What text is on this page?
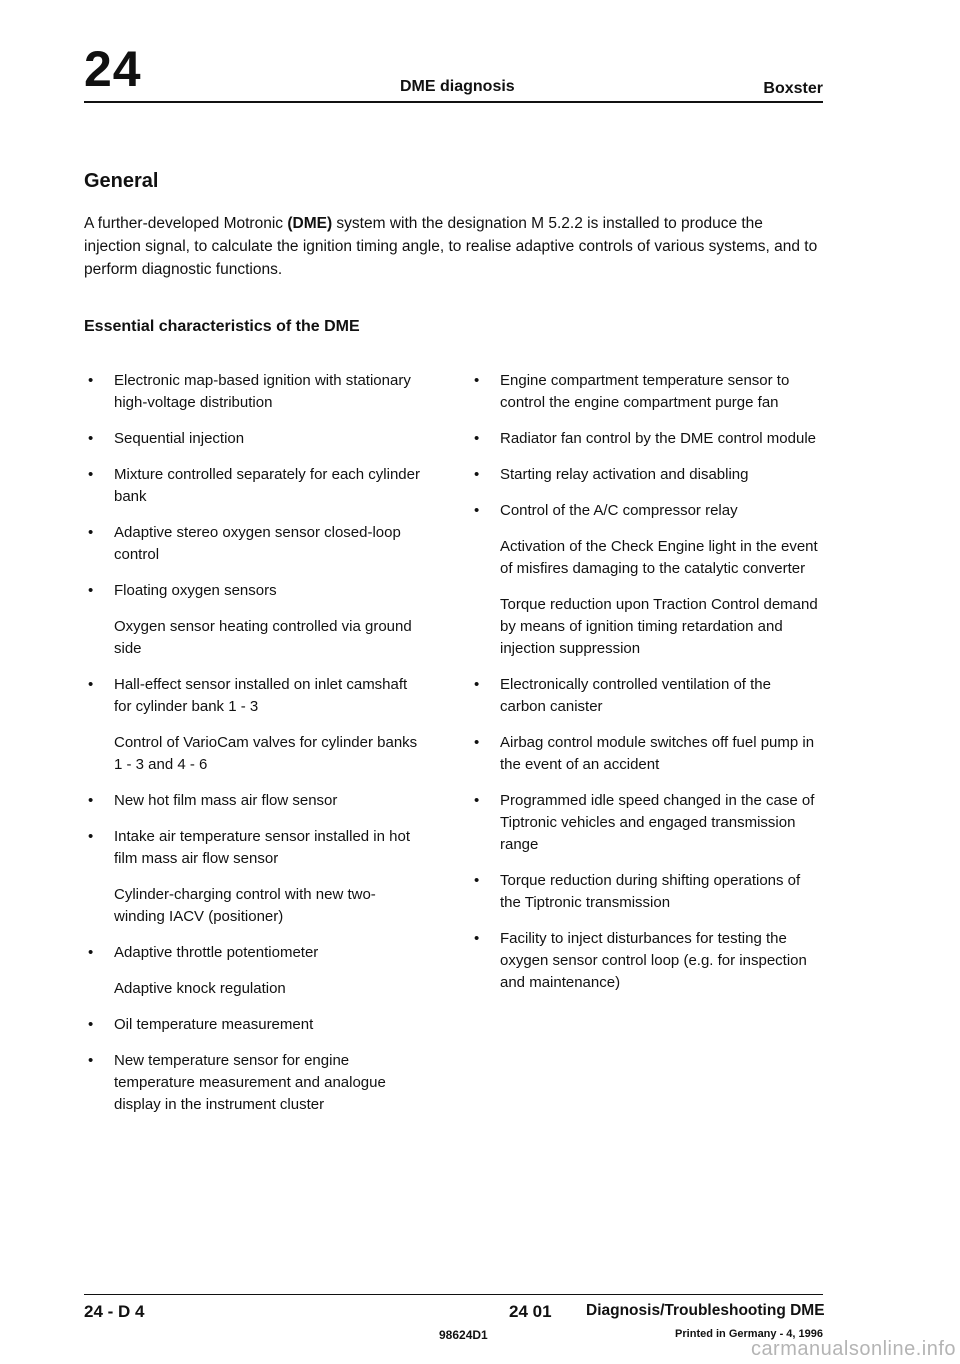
24	DME diagnosis	Boxster
General

A further-developed Motronic (DME) system with the designation M 5.2.2 is installed to produce the injection signal, to calculate the ignition timing angle, to realise adaptive controls of various systems, and to perform diagnostic functions.

Essential characteristics of the DME
• Electronic map-based ignition with stationary high-voltage distribution
• Sequential injection
• Mixture controlled separately for each cylinder bank
• Adaptive stereo oxygen sensor closed-loop control
• Floating oxygen sensors
Oxygen sensor heating controlled via ground side
• Hall-effect sensor installed on inlet camshaft for cylinder bank 1 - 3
Control of VarioCam valves for cylinder banks 1 - 3 and 4 - 6
• New hot film mass air flow sensor
• Intake air temperature sensor installed in hot film mass air flow sensor
Cylinder-charging control with new two-winding IACV (positioner)
• Adaptive throttle potentiometer
Adaptive knock regulation
• Oil temperature measurement
• New temperature sensor for engine temperature measurement and analogue display in the instrument cluster
• Engine compartment temperature sensor to control the engine compartment purge fan
• Radiator fan control by the DME control module
• Starting relay activation and disabling
• Control of the A/C compressor relay
Activation of the Check Engine light in the event of misfires damaging to the catalytic converter
Torque reduction upon Traction Control demand by means of ignition timing retardation and injection suppression
• Electronically controlled ventilation of the carbon canister
• Airbag control module switches off fuel pump in the event of an accident
• Programmed idle speed changed in the case of Tiptronic vehicles and engaged transmission range
• Torque reduction during shifting operations of the Tiptronic transmission
• Facility to inject disturbances for testing the oxygen sensor control loop (e.g. for inspection and maintenance)
24 - D 4	24 01 Diagnosis/Troubleshooting DME
98624D1	Printed in Germany - 4, 1996
carmanualsonline.info
